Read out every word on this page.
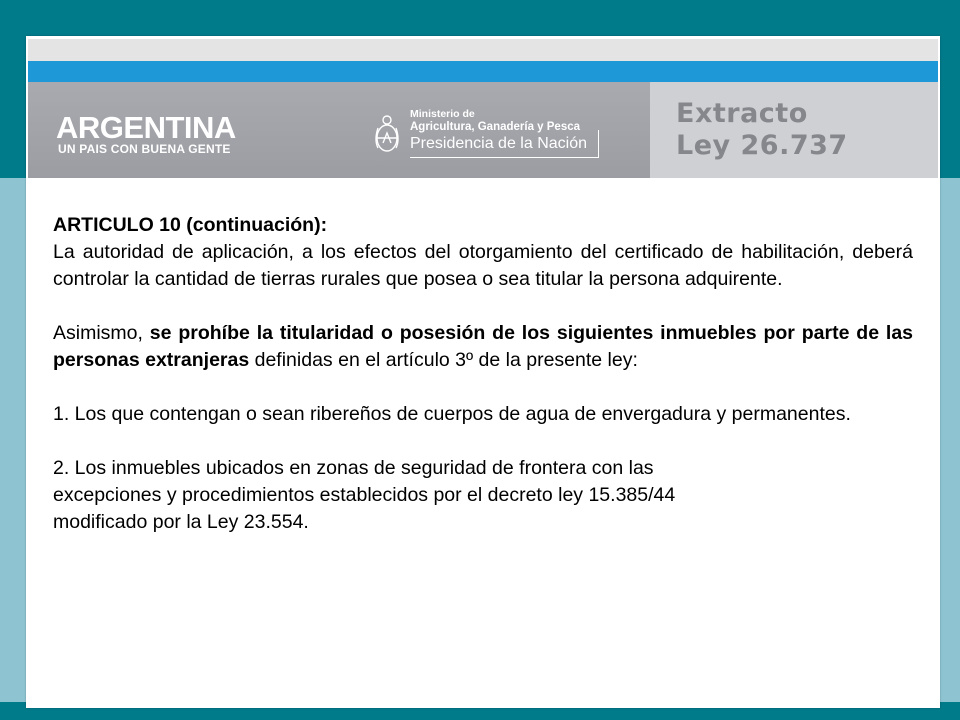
ARGENTINA
UN PAIS CON BUENA GENTE
Ministerio de
Agricultura, Ganadería y Pesca
Presidencia de la Nación
Extracto
Ley 26.737

ARTICULO 10 (continuación):

La autoridad de aplicación, a los efectos del otorgamiento del certificado de habilitación, deberá controlar la cantidad de tierras rurales que posea o sea titular la persona adquirente.

Asimismo, se prohíbe la titularidad o posesión de los siguientes inmuebles por parte de las personas extranjeras definidas en el artículo 3º de la presente ley:

1. Los que contengan o sean ribereños de cuerpos de agua de envergadura y permanentes.

2. Los inmuebles ubicados en zonas de seguridad de frontera con las

excepciones y procedimientos establecidos por el decreto ley 15.385/44

modificado por la Ley 23.554.
